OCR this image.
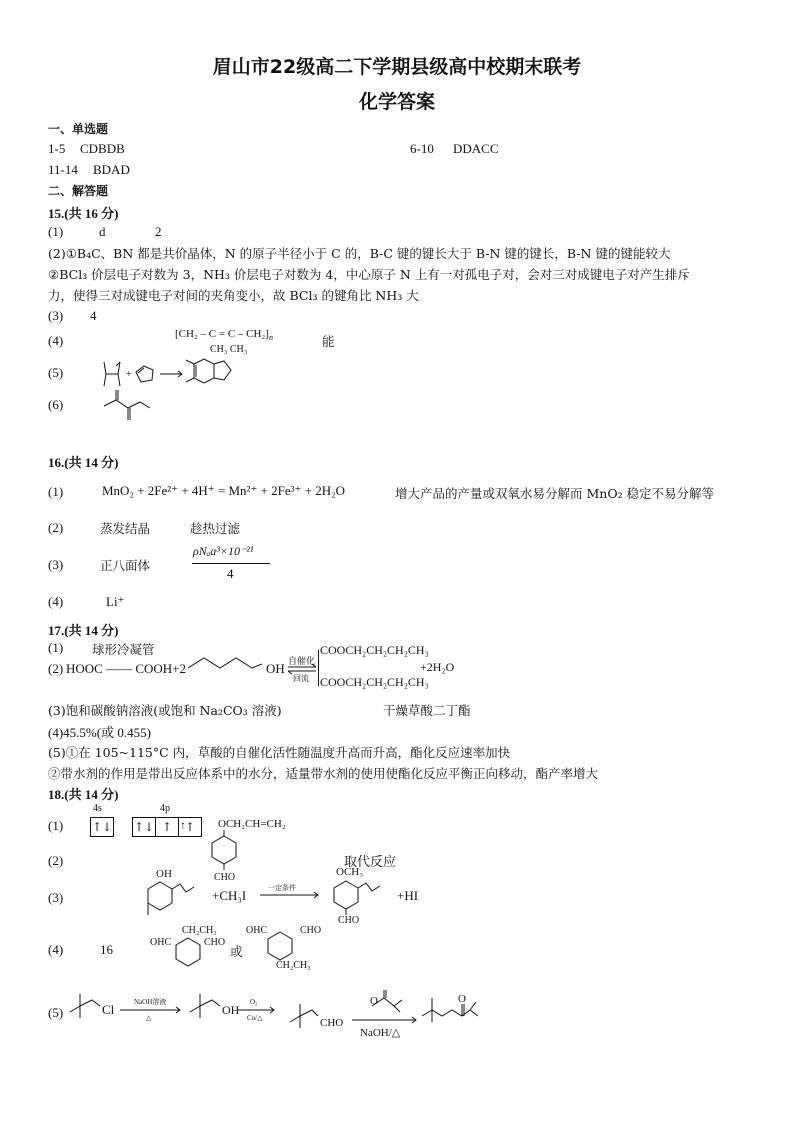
眉山市22级高二下学期县级高中校期末联考
化学答案
一、单选题
1-5 CDBDB	6-10 DDACC
11-14 BDAD
二、解答题
15.(共 16 分)
(1)	d	2
(2)①B₄C、BN 都是共价晶体，N 的原子半径小于 C 的，B-C 键的键长大于 B-N 键的键长，B-N 键的键能较大
②BCl₃ 价层电子对数为 3，NH₃ 价层电子对数为 4，中心原子 N 上有一对孤电子对，会对三对成键电子对产生排斥
力，使得三对成键电子对间的夹角变小，故 BCl₃ 的键角比 NH₃ 大
(3) 4
(4)	$[CH_2 - C = C - CH_2]_n$
CH₃ CH₃
能
(5)	+
(6)
16.(共 14 分)
(1)	MnO₂ + 2Fe²⁺ + 4H⁺ = Mn²⁺ + 2Fe³⁺ + 2H₂O	增大产品的产量或双氧水易分解而 MnO₂ 稳定不易分解等
(2)	蒸发结晶	趁热过滤
(3)	正八面体
ρNₐa³×10⁻²¹
4
(4)	Li⁺
17.(共 14 分)
(1) 球形冷凝管
(2) HOOC —— COOH+2	OH 自催化
回流
COOCH₂CH₂CH₂CH₃
COOCH₂CH₂CH₂CH₃
+2H₂O
(3)饱和碳酸钠溶液(或饱和 Na₂CO₃ 溶液)	干燥草酸二丁酯
(4)45.5%(或 0.455)
(5)①在 105~115°C 内，草酸的自催化活性随温度升高而升高，酯化反应速率加快
②带水剂的作用是带出反应体系中的水分，适量带水剂的使用使酯化反应平衡正向移动，酯产率增大
18.(共 14 分)
4s	4p
(1) ↑↓ ↑↓ ↑	↑
↑	OCH₂CH=CH₂
(2)
CHO
取代反应
(3)
OH
+CH₃I	一定条件
OCH₃
CHO
+HI
(4)	16
CH₂CH₃
OHC	CHO
或
OHC	CHO
CH₂CH₃
(5)	Cl	NaOH溶液
△
OH
O₂
Cu/△	CHO
O
NaOH/△
O
